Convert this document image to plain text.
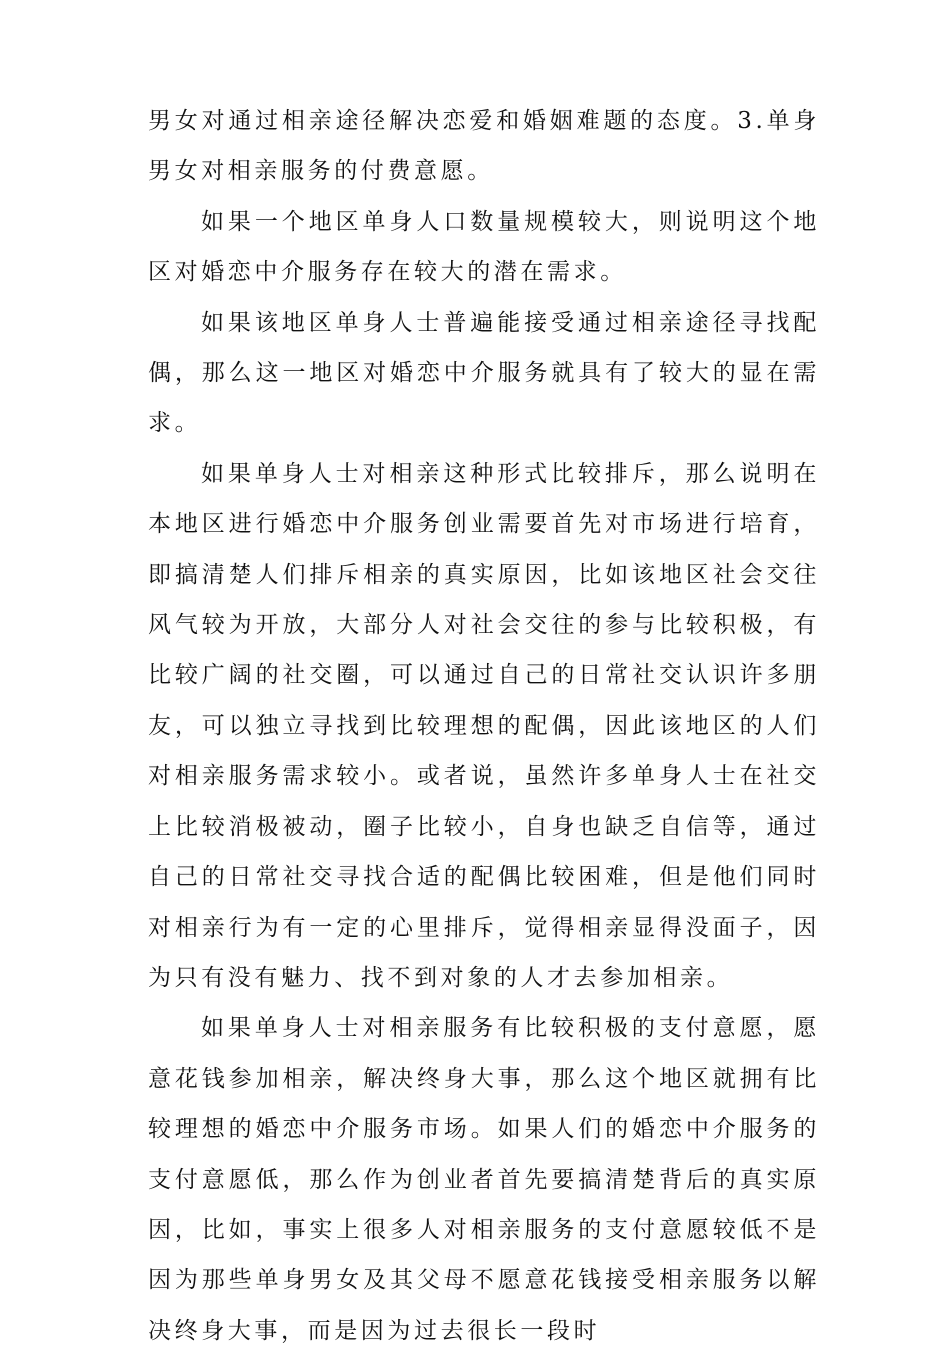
男女对通过相亲途径解决恋爱和婚姻难题的态度。3.单身男女对相亲服务的付费意愿。

如果一个地区单身人口数量规模较大，则说明这个地区对婚恋中介服务存在较大的潜在需求。

如果该地区单身人士普遍能接受通过相亲途径寻找配偶，那么这一地区对婚恋中介服务就具有了较大的显在需求。

如果单身人士对相亲这种形式比较排斥，那么说明在本地区进行婚恋中介服务创业需要首先对市场进行培育，即搞清楚人们排斥相亲的真实原因，比如该地区社会交往风气较为开放，大部分人对社会交往的参与比较积极，有比较广阔的社交圈，可以通过自己的日常社交认识许多朋友，可以独立寻找到比较理想的配偶，因此该地区的人们对相亲服务需求较小。或者说，虽然许多单身人士在社交上比较消极被动，圈子比较小，自身也缺乏自信等，通过自己的日常社交寻找合适的配偶比较困难，但是他们同时对相亲行为有一定的心里排斥，觉得相亲显得没面子，因为只有没有魅力、找不到对象的人才去参加相亲。

如果单身人士对相亲服务有比较积极的支付意愿，愿意花钱参加相亲，解决终身大事，那么这个地区就拥有比较理想的婚恋中介服务市场。如果人们的婚恋中介服务的支付意愿低，那么作为创业者首先要搞清楚背后的真实原因，比如，事实上很多人对相亲服务的支付意愿较低不是因为那些单身男女及其父母不愿意花钱接受相亲服务以解决终身大事，而是因为过去很长一段时
